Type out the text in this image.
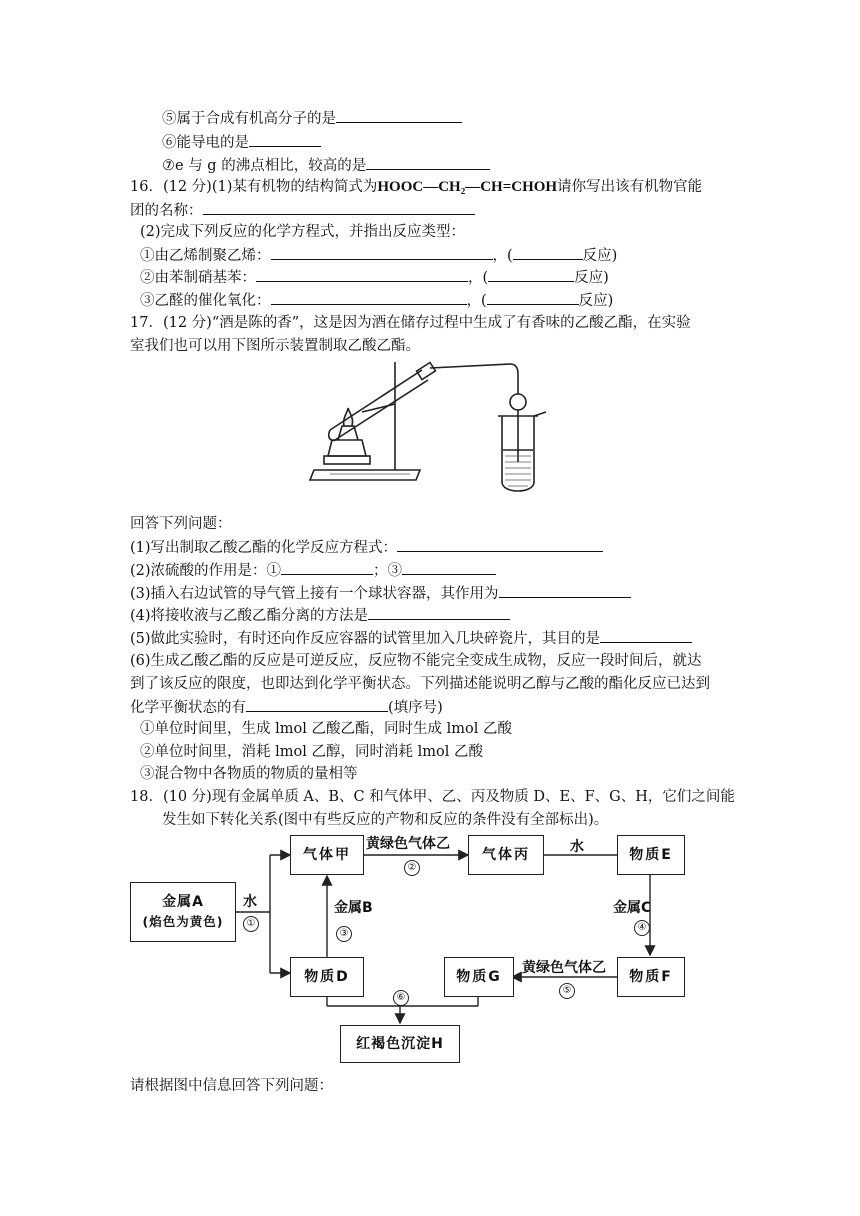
⑤属于合成有机高分子的是
⑥能导电的是
⑦e 与 g 的沸点相比，较高的是
16．(12 分)(1)某有机物的结构简式为HOOC—CH₂—CH=CHOH请你写出该有机物官能
团的名称：
(2)完成下列反应的化学方程式，并指出反应类型：
①由乙烯制聚乙烯：	，(	反应)
②由苯制硝基苯：	，(	反应)
③乙醛的催化氧化：	，(	反应)
17．(12 分)“酒是陈的香”，这是因为酒在储存过程中生成了有香味的乙酸乙酯，在实验
室我们也可以用下图所示装置制取乙酸乙酯。
回答下列问题：
(1)写出制取乙酸乙酯的化学反应方程式：
(2)浓硫酸的作用是：①	；③
(3)插入右边试管的导气管上接有一个球状容器，其作用为
(4)将接收液与乙酸乙酯分离的方法是
(5)做此实验时，有时还向作反应容器的试管里加入几块碎瓷片，其目的是
(6)生成乙酸乙酯的反应是可逆反应，反应物不能完全变成生成物，反应一段时间后，就达
到了该反应的限度，也即达到化学平衡状态。下列描述能说明乙醇与乙酸的酯化反应已达到
化学平衡状态的有	(填序号)
①单位时间里，生成 lmol 乙酸乙酯，同时生成 lmol 乙酸
②单位时间里，消耗 lmol 乙醇，同时消耗 lmol 乙酸
③混合物中各物质的物质的量相等
18．(10 分)现有金属单质 A、B、C 和气体甲、乙、丙及物质 D、E、F、G、H，它们之间能
发生如下转化关系(图中有些反应的产物和反应的条件没有全部标出)。
金属A
(焰色为黄色)
气体甲	气体丙	物质E
物质D	物质G	物质F
红褐色沉淀H
水
①
黄绿色气体乙
②
水
金属B
③
金属C
④
黄绿色气体乙
⑤
⑥
请根据图中信息回答下列问题：
